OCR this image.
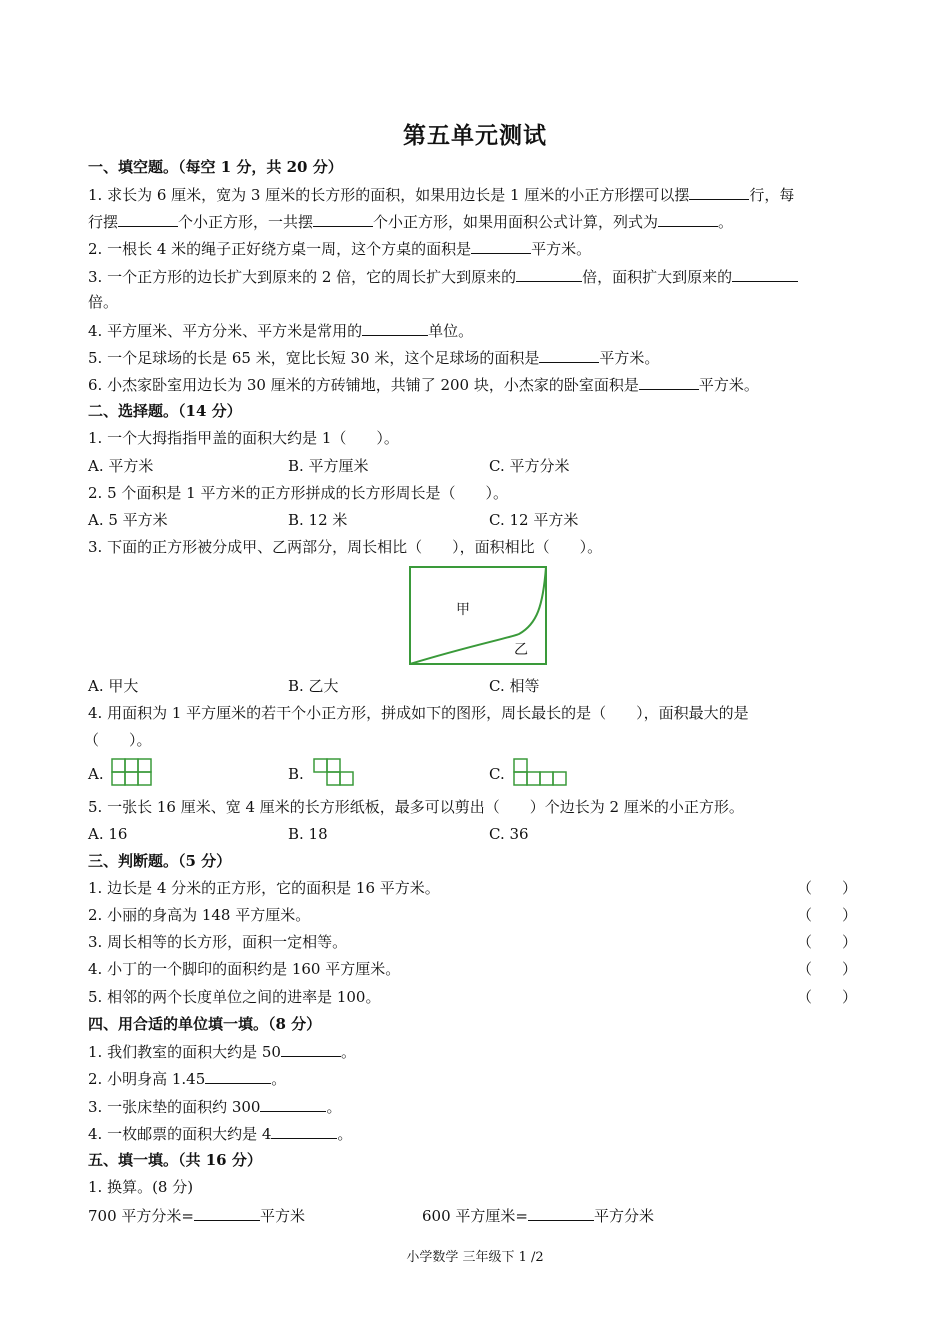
第五单元测试
一、填空题。（每空 1 分，共 20 分）
1. 求长为 6 厘米，宽为 3 厘米的长方形的面积，如果用边长是 1 厘米的小正方形摆可以摆	行，每
行摆	个小正方形，一共摆	个小正方形，如果用面积公式计算，列式为	。
2. 一根长 4 米的绳子正好绕方桌一周，这个方桌的面积是	平方米。
3. 一个正方形的边长扩大到原来的 2 倍，它的周长扩大到原来的	倍，面积扩大到原来的
倍。
4. 平方厘米、平方分米、平方米是常用的	单位。
5. 一个足球场的长是 65 米，宽比长短 30 米，这个足球场的面积是	平方米。
6. 小杰家卧室用边长为 30 厘米的方砖铺地，共铺了 200 块，小杰家的卧室面积是	平方米。
二、选择题。（14 分）
1. 一个大拇指指甲盖的面积大约是 1（　　）。
A. 平方米	B. 平方厘米	C. 平方分米
2. 5 个面积是 1 平方米的正方形拼成的长方形周长是（　　）。
A. 5 平方米	B. 12 米	C. 12 平方米
3. 下面的正方形被分成甲、乙两部分，周长相比（　　），面积相比（　　）。
甲
乙
A. 甲大	B. 乙大	C. 相等
4. 用面积为 1 平方厘米的若干个小正方形，拼成如下的图形，周长最长的是（　　），面积最大的是
（　　）。
A.	B.	C.
5. 一张长 16 厘米、宽 4 厘米的长方形纸板，最多可以剪出（　　）个边长为 2 厘米的小正方形。
A. 16	B. 18	C. 36
三、判断题。（5 分）
1. 边长是 4 分米的正方形，它的面积是 16 平方米。	（　　）
2. 小丽的身高为 148 平方厘米。	（　　）
3. 周长相等的长方形，面积一定相等。	（　　）
4. 小丁的一个脚印的面积约是 160 平方厘米。	（　　）
5. 相邻的两个长度单位之间的进率是 100。	（　　）
四、用合适的单位填一填。（8 分）
1. 我们教室的面积大约是 50	。
2. 小明身高 1.45	。
3. 一张床垫的面积约 300	。
4. 一枚邮票的面积大约是 4	。
五、填一填。（共 16 分）
1. 换算。(8 分)
700 平方分米=	平方米	600 平方厘米=	平方分米
小学数学 三年级下 1 /2
